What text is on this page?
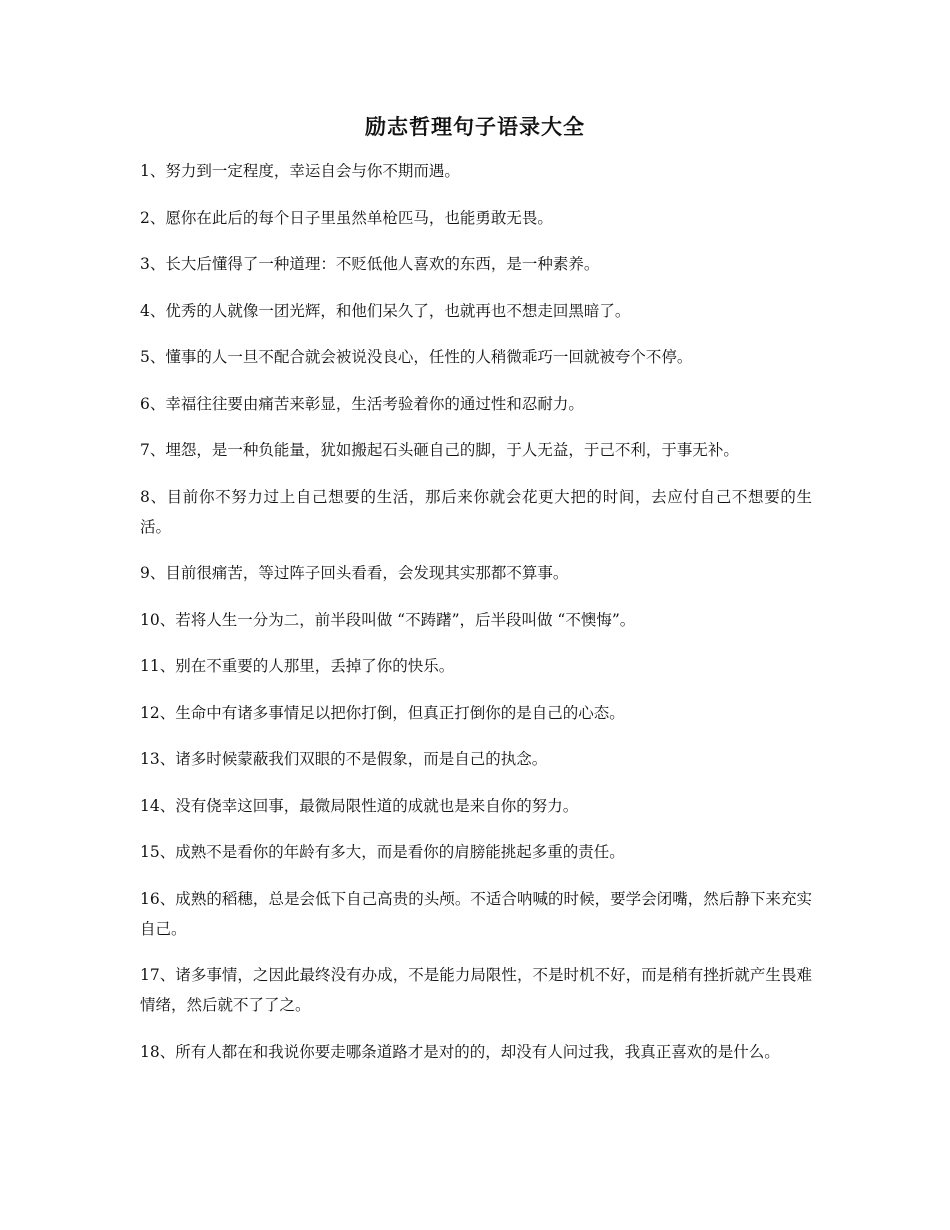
励志哲理句子语录大全

1、努力到一定程度，幸运自会与你不期而遇。

2、愿你在此后的每个日子里虽然单枪匹马，也能勇敢无畏。

3、长大后懂得了一种道理：不贬低他人喜欢的东西，是一种素养。

4、优秀的人就像一团光辉，和他们呆久了，也就再也不想走回黑暗了。

5、懂事的人一旦不配合就会被说没良心，任性的人稍微乖巧一回就被夸个不停。

6、幸福往往要由痛苦来彰显，生活考验着你的通过性和忍耐力。

7、埋怨，是一种负能量，犹如搬起石头砸自己的脚，于人无益，于己不利，于事无补。

8、目前你不努力过上自己想要的生活，那后来你就会花更大把的时间，去应付自己不想要的生活。

9、目前很痛苦，等过阵子回头看看，会发现其实那都不算事。

10、若将人生一分为二，前半段叫做 “不踌躇”，后半段叫做 “不懊悔”。

11、别在不重要的人那里，丢掉了你的快乐。

12、生命中有诸多事情足以把你打倒，但真正打倒你的是自己的心态。

13、诸多时候蒙蔽我们双眼的不是假象，而是自己的执念。

14、没有侥幸这回事，最微局限性道的成就也是来自你的努力。

15、成熟不是看你的年龄有多大，而是看你的肩膀能挑起多重的责任。

16、成熟的稻穗，总是会低下自己高贵的头颅。不适合呐喊的时候，要学会闭嘴，然后静下来充实自己。

17、诸多事情，之因此最终没有办成，不是能力局限性，不是时机不好，而是稍有挫折就产生畏难情绪，然后就不了了之。

18、所有人都在和我说你要走哪条道路才是对的的，却没有人问过我，我真正喜欢的是什么。
